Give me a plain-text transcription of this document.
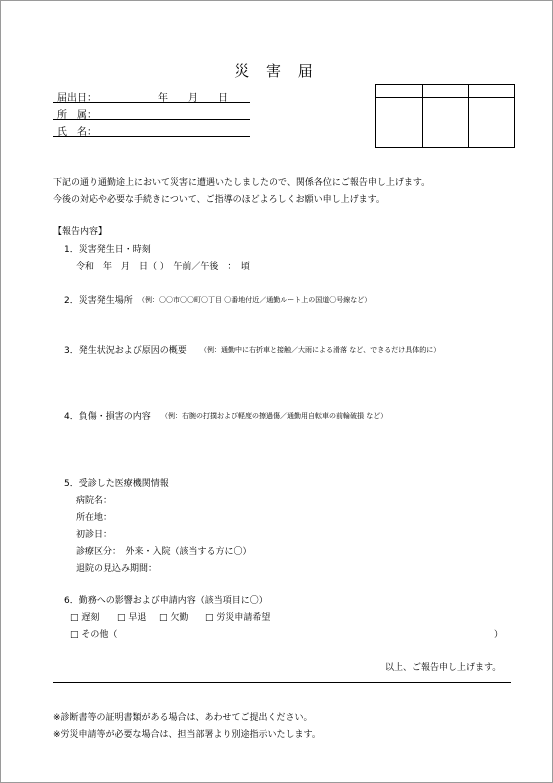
災 害 届
届出日：	年　　月　　日
所　属：
氏　名：
下記の通り通勤途上において災害に遭遇いたしましたので、関係各位にご報告申し上げます。
今後の対応や必要な手続きについて、ご指導のほどよろしくお願い申し上げます。
【報告内容】
1．災害発生日・時刻
令和　年　月　日（ ）　午前／午後　：　頃
2．災害発生場所 （例：〇〇市〇〇町〇丁目 〇番地付近／通勤ルート上の国道〇号線など）
3．発生状況および原因の概要 （例：通勤中に右折車と接触／大雨による滑落 など、できるだけ具体的に）
4．負傷・損害の内容 （例：右腕の打撲および軽度の擦過傷／通勤用自転車の前輪破損 など）
5．受診した医療機関情報
病院名：
所在地：
初診日：
診療区分：　外来・入院（該当する方に〇）
退院の見込み期間：
6．勤務への影響および申請内容（該当項目に〇）
□ 遅刻 □ 早退 □ 欠勤 □ 労災申請希望
□ その他（	）
以上、ご報告申し上げます。
※診断書等の証明書類がある場合は、あわせてご提出ください。
※労災申請等が必要な場合は、担当部署より別途指示いたします。
